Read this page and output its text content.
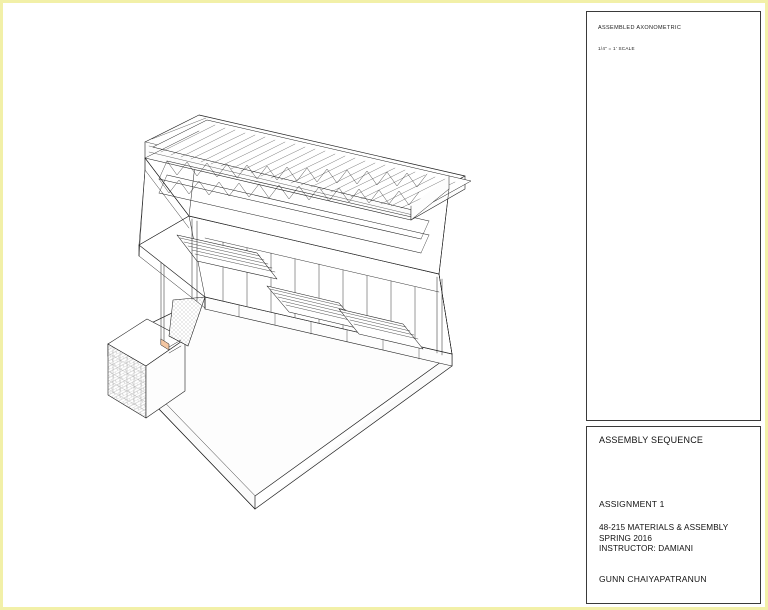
ASSEMBLED AXONOMETRIC
1/4" = 1' SCALE
ASSEMBLY SEQUENCE
ASSIGNMENT 1
48-215 MATERIALS & ASSEMBLY
SPRING 2016
INSTRUCTOR: DAMIANI
GUNN CHAIYAPATRANUN
